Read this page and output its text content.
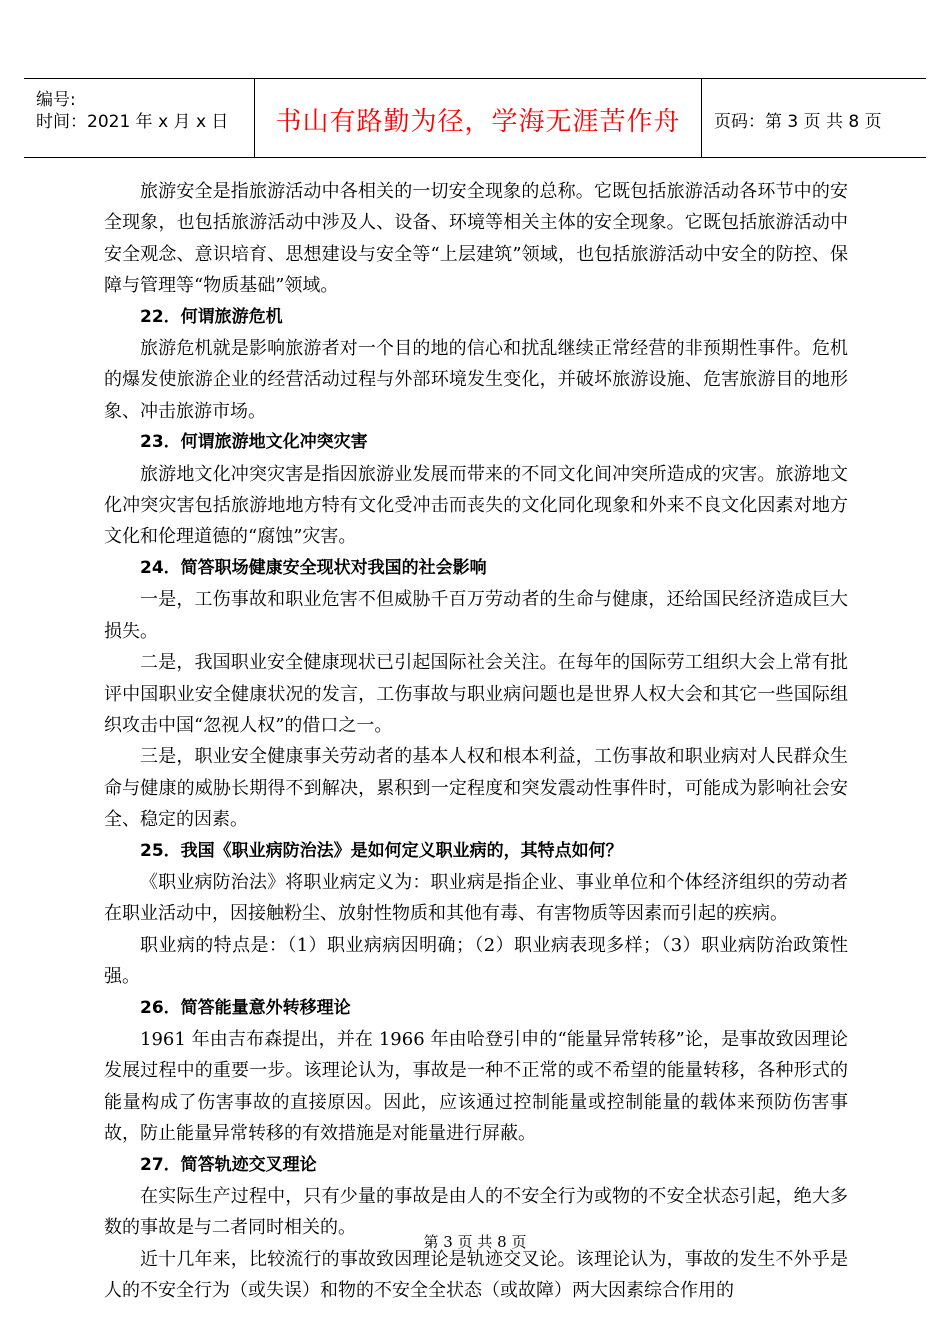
编号:
时间：2021 年 x 月 x 日	书山有路勤为径，学海无涯苦作舟	页码：第 3 页 共 8 页

旅游安全是指旅游活动中各相关的一切安全现象的总称。它既包括旅游活动各环节中的安全现象，也包括旅游活动中涉及人、设备、环境等相关主体的安全现象。它既包括旅游活动中安全观念、意识培育、思想建设与安全等“上层建筑”领域，也包括旅游活动中安全的防控、保障与管理等“物质基础”领域。

22．何谓旅游危机

旅游危机就是影响旅游者对一个目的地的信心和扰乱继续正常经营的非预期性事件。危机的爆发使旅游企业的经营活动过程与外部环境发生变化，并破坏旅游设施、危害旅游目的地形象、冲击旅游市场。

23．何谓旅游地文化冲突灾害

旅游地文化冲突灾害是指因旅游业发展而带来的不同文化间冲突所造成的灾害。旅游地文化冲突灾害包括旅游地地方特有文化受冲击而丧失的文化同化现象和外来不良文化因素对地方文化和伦理道德的“腐蚀”灾害。

24．简答职场健康安全现状对我国的社会影响

一是，工伤事故和职业危害不但威胁千百万劳动者的生命与健康，还给国民经济造成巨大损失。

二是，我国职业安全健康现状已引起国际社会关注。在每年的国际劳工组织大会上常有批评中国职业安全健康状况的发言，工伤事故与职业病问题也是世界人权大会和其它一些国际组织攻击中国“忽视人权”的借口之一。

三是，职业安全健康事关劳动者的基本人权和根本利益，工伤事故和职业病对人民群众生命与健康的威胁长期得不到解决，累积到一定程度和突发震动性事件时，可能成为影响社会安全、稳定的因素。

25．我国《职业病防治法》是如何定义职业病的，其特点如何？

《职业病防治法》将职业病定义为：职业病是指企业、事业单位和个体经济组织的劳动者在职业活动中，因接触粉尘、放射性物质和其他有毒、有害物质等因素而引起的疾病。

职业病的特点是：（1）职业病病因明确；（2）职业病表现多样；（3）职业病防治政策性强。

26．简答能量意外转移理论

1961 年由吉布森提出，并在 1966 年由哈登引申的“能量异常转移”论，是事故致因理论发展过程中的重要一步。该理论认为，事故是一种不正常的或不希望的能量转移，各种形式的能量构成了伤害事故的直接原因。因此，应该通过控制能量或控制能量的载体来预防伤害事故，防止能量异常转移的有效措施是对能量进行屏蔽。

27．简答轨迹交叉理论

在实际生产过程中，只有少量的事故是由人的不安全行为或物的不安全状态引起，绝大多数的事故是与二者同时相关的。

近十几年来，比较流行的事故致因理论是轨迹交叉论。该理论认为，事故的发生不外乎是人的不安全行为（或失误）和物的不安全全状态（或故障）两大因素综合作用的

第 3 页 共 8 页
